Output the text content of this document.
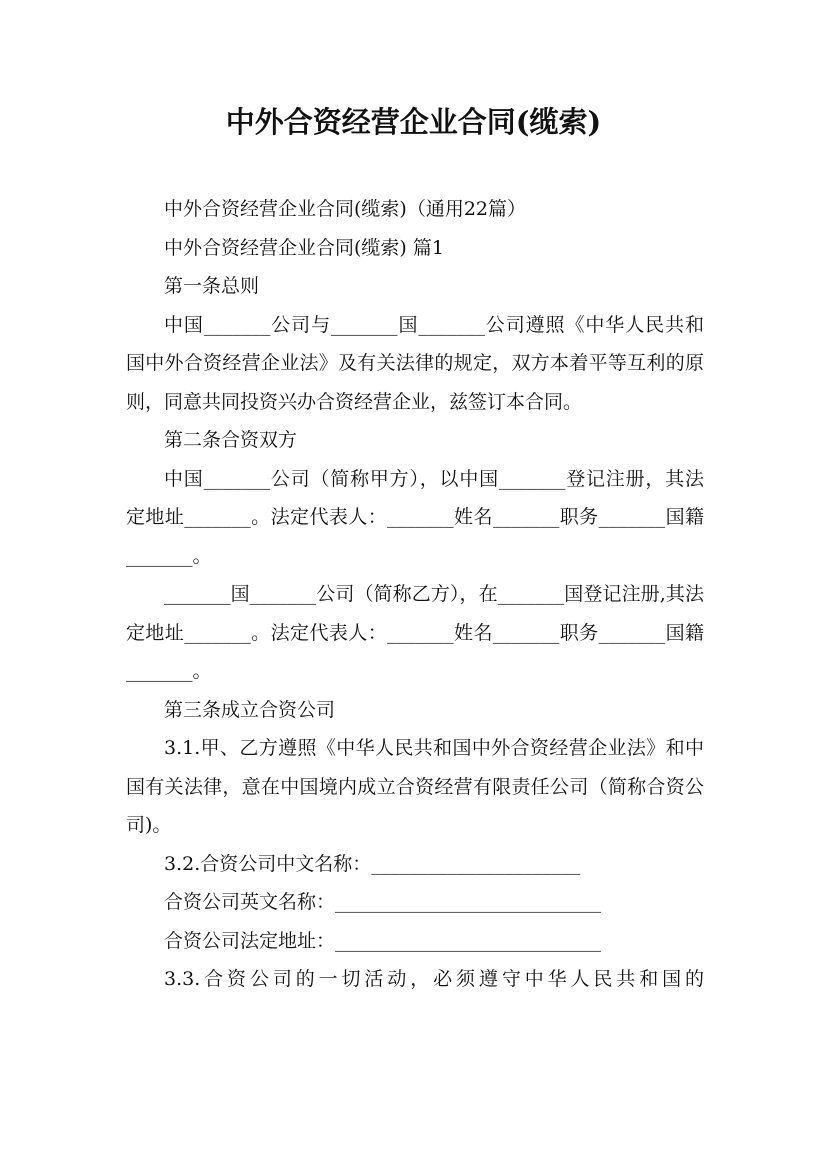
中外合资经营企业合同(缆索)

中外合资经营企业合同(缆索)（通用22篇）

中外合资经营企业合同(缆索) 篇1

第一条总则

中国_______公司与_______国_______公司遵照《中华人民共和国中外合资经营企业法》及有关法律的规定，双方本着平等互利的原则，同意共同投资兴办合资经营企业，兹签订本合同。

第二条合资双方

中国_______公司（简称甲方），以中国_______登记注册，其法定地址_______。法定代表人：_______姓名_______职务_______国籍_______。

_______国_______公司（简称乙方），在_______国登记注册,其法定地址_______。法定代表人：_______姓名_______职务_______国籍_______。

第三条成立合资公司

3.1.甲、乙方遵照《中华人民共和国中外合资经营企业法》和中国有关法律，意在中国境内成立合资经营有限责任公司（简称合资公司)。

3.2.合资公司中文名称：______________________

合资公司英文名称：____________________________

合资公司法定地址：____________________________

3.3.合资公司的一切活动，必须遵守中华人民共和国的
